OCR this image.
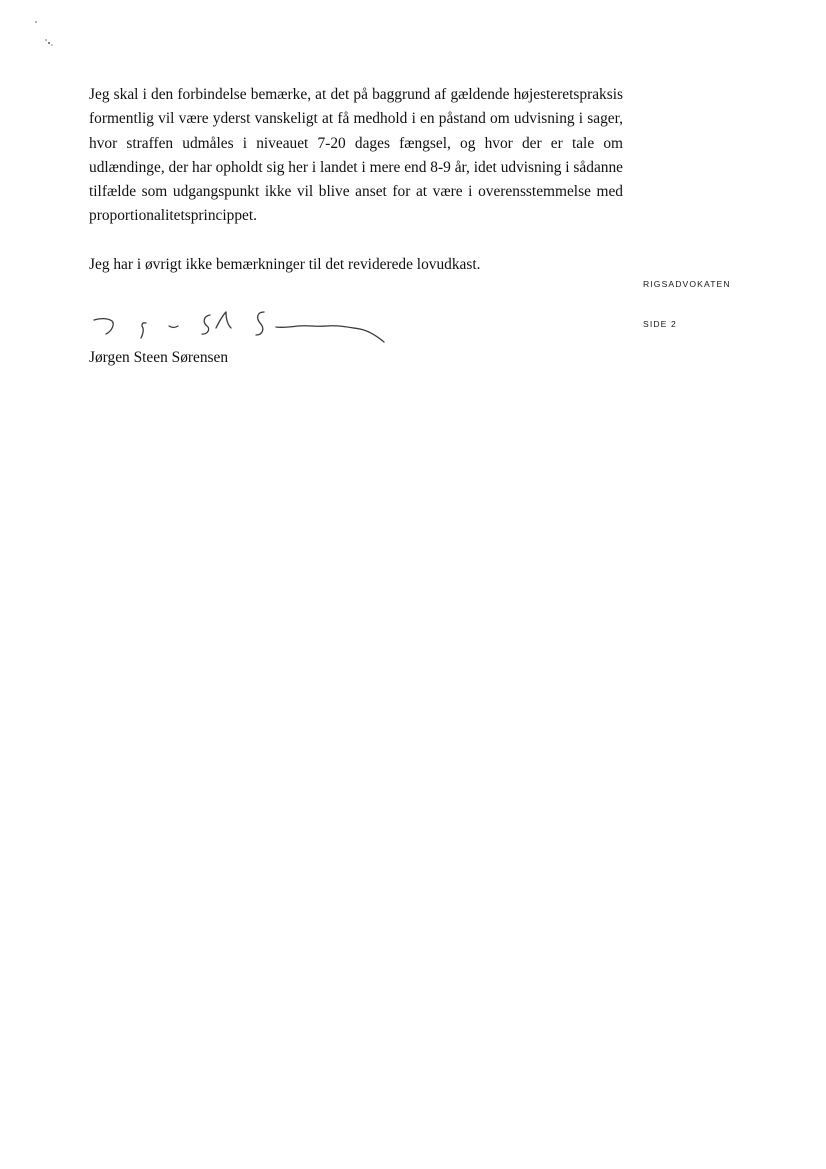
Jeg skal i den forbindelse bemærke, at det på baggrund af gældende højesteretspraksis formentlig vil være yderst vanskeligt at få medhold i en påstand om udvisning i sager, hvor straffen udmåles i niveauet 7-20 dages fængsel, og hvor der er tale om udlændinge, der har opholdt sig her i landet i mere end 8-9 år, idet udvisning i sådanne tilfælde som udgangspunkt ikke vil blive anset for at være i overensstemmelse med proportionalitetsprincippet.

Jeg har i øvrigt ikke bemærkninger til det reviderede lovudkast.

RIGSADVOKATEN
SIDE 2
Jørgen Steen Sørensen
